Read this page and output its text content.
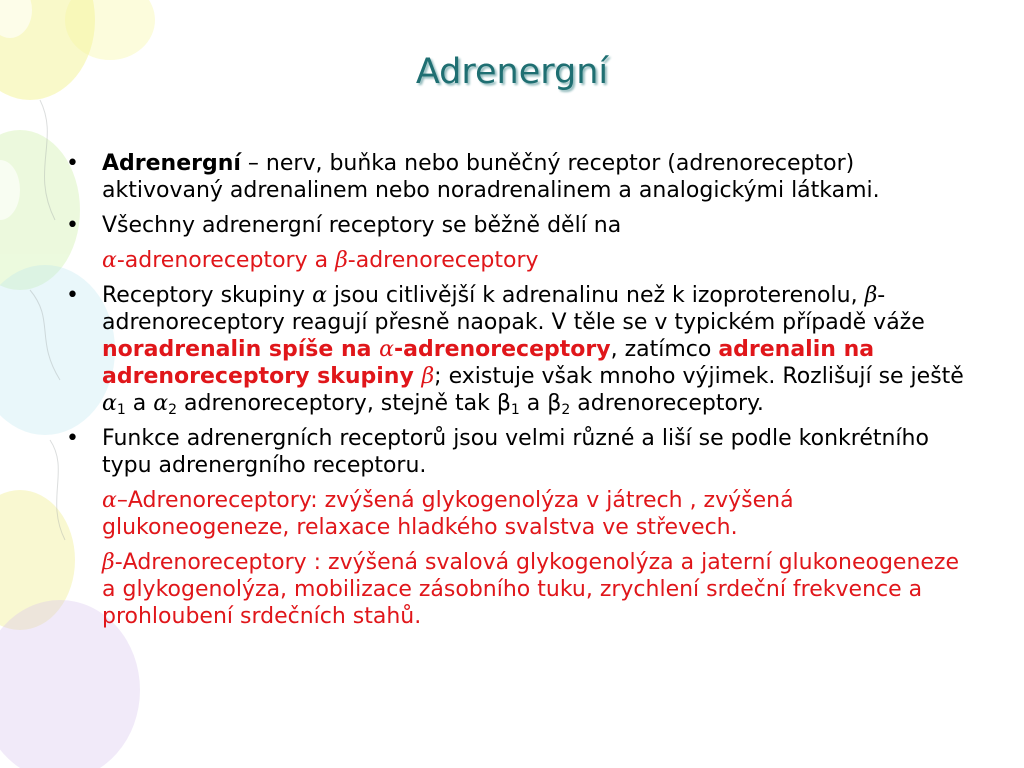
Adrenergní
•	Adrenergní – nerv, buňka nebo buněčný receptor (adrenoreceptor) aktivovaný adrenalinem nebo noradrenalinem a analogickými látkami.
•	Všechny adrenergní receptory se běžně dělí na
α-adrenoreceptory a β-adrenoreceptory
•	Receptory skupiny α jsou citlivější k adrenalinu než k izoproterenolu, β-adrenoreceptory reagují přesně naopak. V těle se v typickém případě váže noradrenalin spíše na α-adrenoreceptory, zatímco adrenalin na adrenoreceptory skupiny β; existuje však mnoho výjimek. Rozlišují se ještě $\alpha_1$ a $\alpha_2$ adrenoreceptory, stejně tak $\beta_1$ a $\beta_2$ adrenoreceptory.
•	Funkce adrenergních receptorů jsou velmi různé a liší se podle konkrétního typu adrenergního receptoru.
α–Adrenoreceptory: zvýšená glykogenolýza v játrech , zvýšená glukoneogeneze, relaxace hladkého svalstva ve střevech.
β-Adrenoreceptory : zvýšená svalová glykogenolýza a jaterní glukoneogeneze a glykogenolýza, mobilizace zásobního tuku, zrychlení srdeční frekvence a prohloubení srdečních stahů.
